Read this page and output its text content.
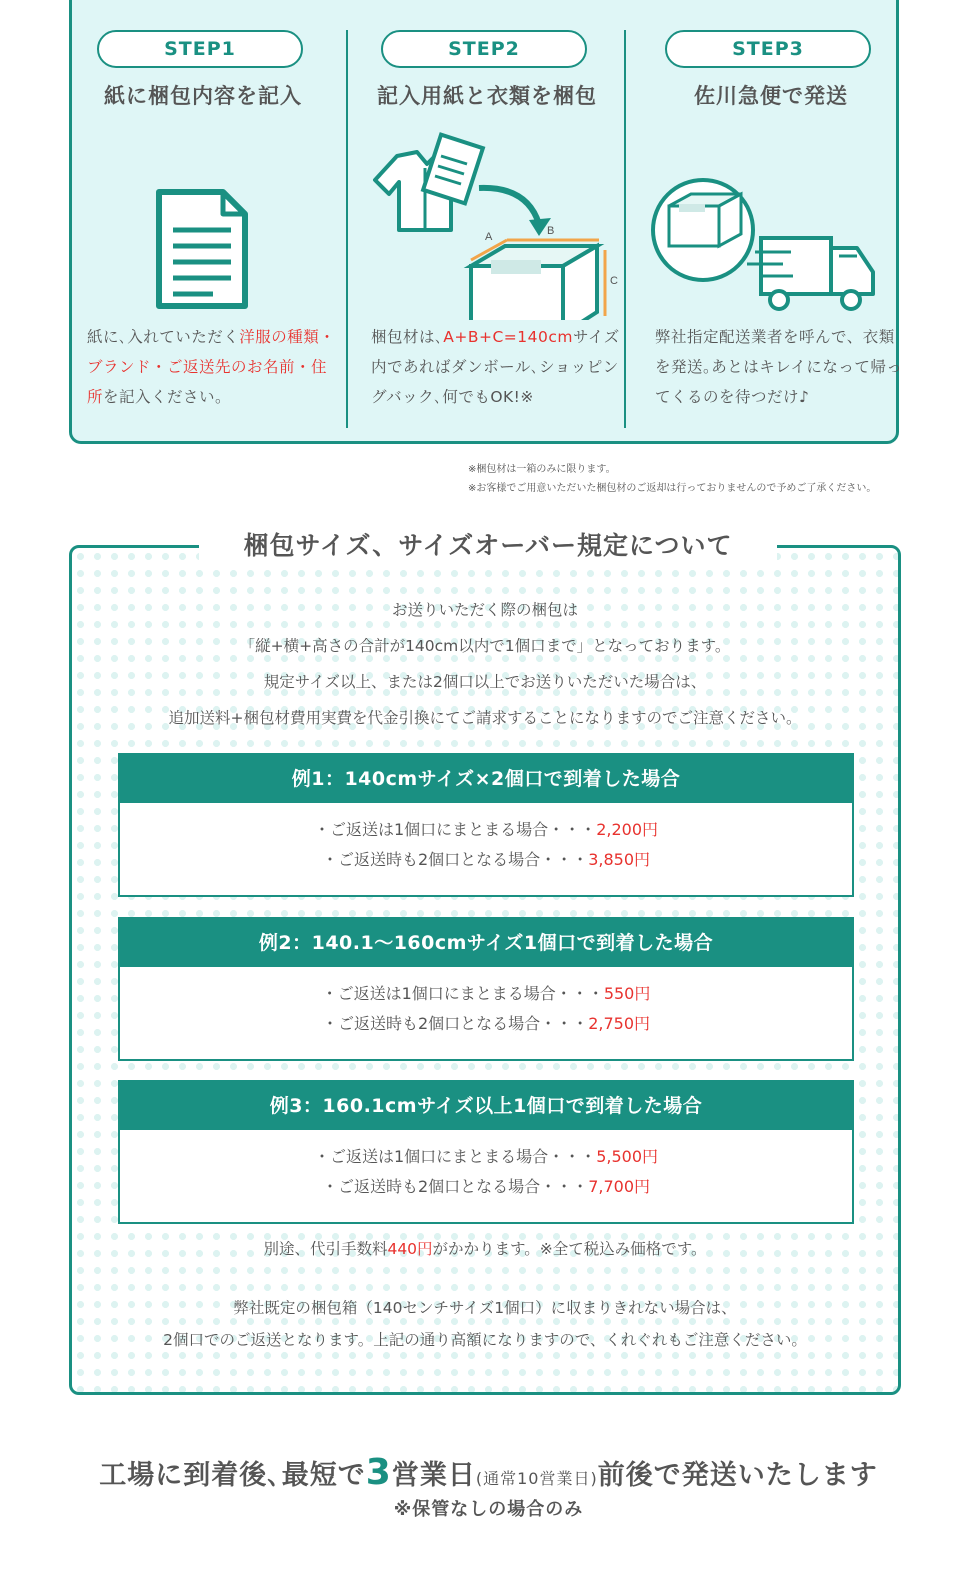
STEP1
紙に梱包内容を記入
紙に､入れていただく洋服の種類・ブランド・ご返送先のお名前・住所を記入ください。
STEP2
記入用紙と衣類を梱包
A	B
C
梱包材は､A+B+C=140cmサイズ内であればダンボール､ショッピングバック､何でもOK!※
STEP3
佐川急便で発送
弊社指定配送業者を呼んで、衣類を発送｡あとはキレイになって帰ってくるのを待つだけ♪
※梱包材は一箱のみに限ります。
※お客様でご用意いただいた梱包材のご返却は行っておりませんので予めご了承ください。
梱包サイズ、サイズオーバー規定について
お送りいただく際の梱包は
「縦+横+高さの合計が140cm以内で1個口まで」となっております。
規定サイズ以上、または2個口以上でお送りいただいた場合は、
追加送料+梱包材費用実費を代金引換にてご請求することになりますのでご注意ください。
例1：140cmサイズ×2個口で到着した場合
・ご返送は1個口にまとまる場合・・・2,200円
・ご返送時も2個口となる場合・・・3,850円
例2：140.1～160cmサイズ1個口で到着した場合
・ご返送は1個口にまとまる場合・・・550円
・ご返送時も2個口となる場合・・・2,750円
例3：160.1cmサイズ以上1個口で到着した場合
・ご返送は1個口にまとまる場合・・・5,500円
・ご返送時も2個口となる場合・・・7,700円
別途、代引手数料440円がかかります。※全て税込み価格です。
弊社既定の梱包箱（140センチサイズ1個口）に収まりきれない場合は、
2個口でのご返送となります。上記の通り高額になりますので、くれぐれもご注意ください。
工場に到着後､最短で3営業日(通常10営業日)前後で発送いたします
※保管なしの場合のみ
